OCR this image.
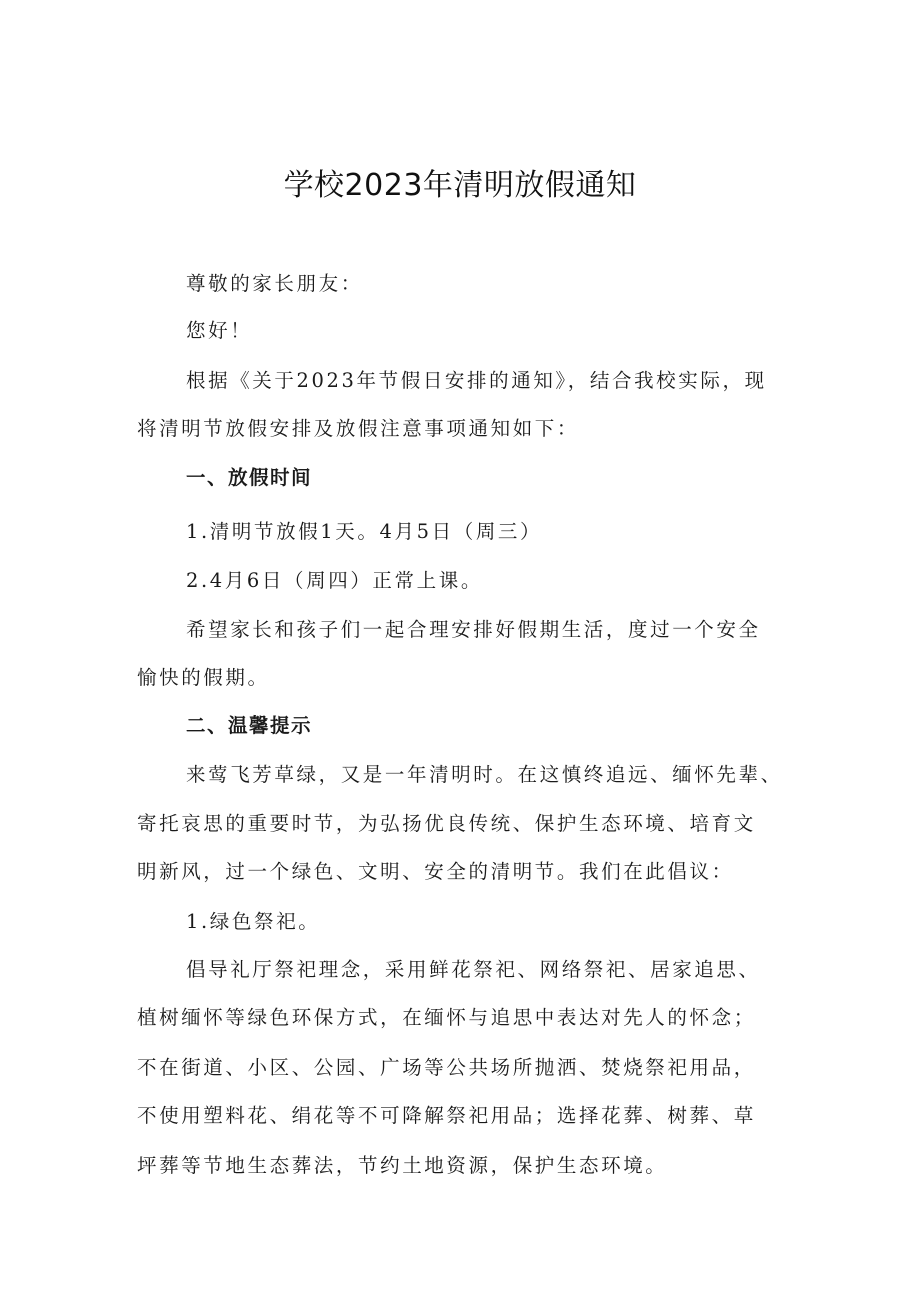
学校2023年清明放假通知
尊敬的家长朋友：
您好！
根据《关于2023年节假日安排的通知》，结合我校实际，现
将清明节放假安排及放假注意事项通知如下：
一、放假时间
1.清明节放假1天。4月5日（周三）
2.4月6日（周四）正常上课。
希望家长和孩子们一起合理安排好假期生活，度过一个安全
愉快的假期。
二、温馨提示
来莺飞芳草绿，又是一年清明时。在这慎终追远、缅怀先辈、
寄托哀思的重要时节，为弘扬优良传统、保护生态环境、培育文
明新风，过一个绿色、文明、安全的清明节。我们在此倡议：
1.绿色祭祀。
倡导礼厅祭祀理念，采用鲜花祭祀、网络祭祀、居家追思、
植树缅怀等绿色环保方式，在缅怀与追思中表达对先人的怀念；
不在街道、小区、公园、广场等公共场所抛洒、焚烧祭祀用品，
不使用塑料花、绢花等不可降解祭祀用品；选择花葬、树葬、草
坪葬等节地生态葬法，节约土地资源，保护生态环境。
